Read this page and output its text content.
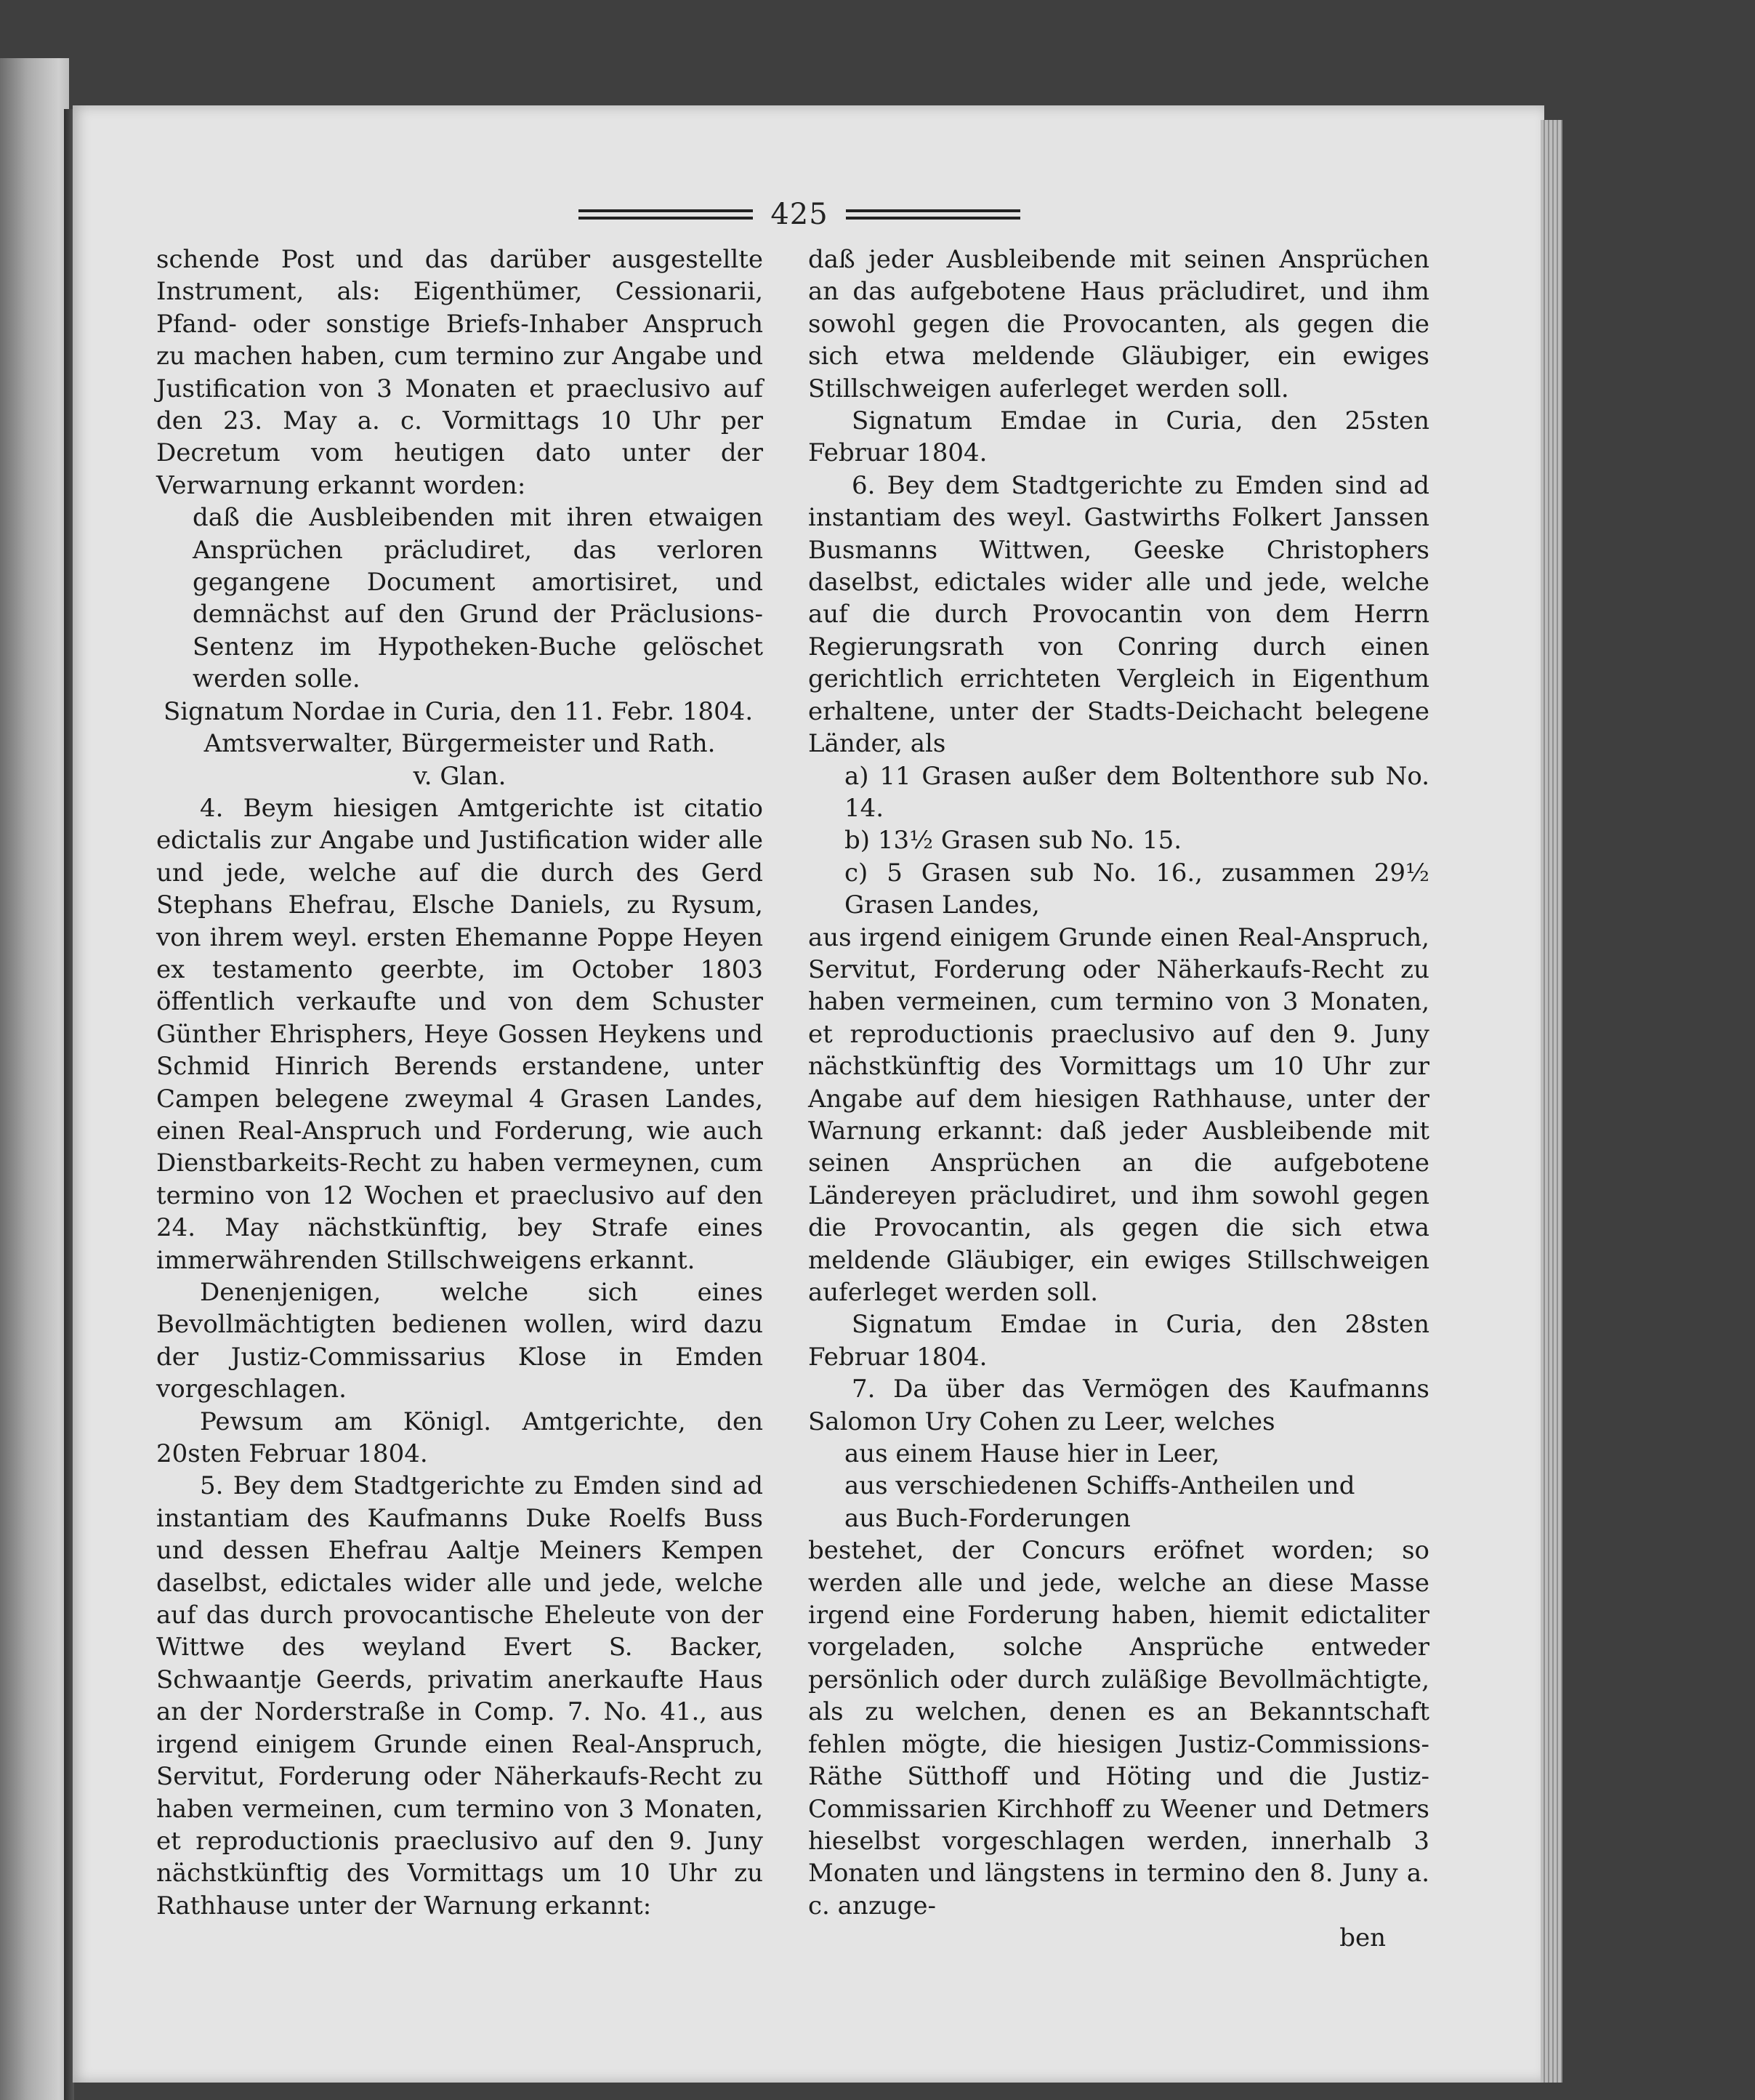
425

schende Post und das darüber ausgestellte Instrument, als: Eigenthümer, Cessionarii, Pfand- oder sonstige Briefs-Inhaber Anspruch zu machen haben, cum termino zur Angabe und Justification von 3 Monaten et praeclusivo auf den 23. May a. c. Vormittags 10 Uhr per Decretum vom heutigen dato unter der Verwarnung erkannt worden:

daß die Ausbleibenden mit ihren etwaigen Ansprüchen präcludiret, das verloren gegangene Document amortisiret, und demnächst auf den Grund der Präclusions-Sentenz im Hypotheken-Buche gelöschet werden solle.

Signatum Nordae in Curia, den 11. Febr. 1804.

Amtsverwalter, Bürgermeister und Rath.

v. Glan.

4. Beym hiesigen Amtgerichte ist citatio edictalis zur Angabe und Justification wider alle und jede, welche auf die durch des Gerd Stephans Ehefrau, Elsche Daniels, zu Rysum, von ihrem weyl. ersten Ehemanne Poppe Heyen ex testamento geerbte, im October 1803 öffentlich verkaufte und von dem Schuster Günther Ehrisphers, Heye Gossen Heykens und Schmid Hinrich Berends erstandene, unter Campen belegene zweymal 4 Grasen Landes, einen Real-Anspruch und Forderung, wie auch Dienstbarkeits-Recht zu haben vermeynen, cum termino von 12 Wochen et praeclusivo auf den 24. May nächstkünftig, bey Strafe eines immerwährenden Stillschweigens erkannt.

Denenjenigen, welche sich eines Bevollmächtigten bedienen wollen, wird dazu der Justiz-Commissarius Klose in Emden vorgeschlagen.

Pewsum am Königl. Amtgerichte, den 20sten Februar 1804.

5. Bey dem Stadtgerichte zu Emden sind ad instantiam des Kaufmanns Duke Roelfs Buss und dessen Ehefrau Aaltje Meiners Kempen daselbst, edictales wider alle und jede, welche auf das durch provocantische Eheleute von der Wittwe des weyland Evert S. Backer, Schwaantje Geerds, privatim anerkaufte Haus an der Norderstraße in Comp. 7. No. 41., aus irgend einigem Grunde einen Real-Anspruch, Servitut, Forderung oder Näherkaufs-Recht zu haben vermeinen, cum termino von 3 Monaten, et reproductionis praeclusivo auf den 9. Juny nächstkünftig des Vormittags um 10 Uhr zu Rathhause unter der Warnung erkannt:

daß jeder Ausbleibende mit seinen Ansprüchen an das aufgebotene Haus präcludiret, und ihm sowohl gegen die Provocanten, als gegen die sich etwa meldende Gläubiger, ein ewiges Stillschweigen auferleget werden soll.

Signatum Emdae in Curia, den 25sten Februar 1804.

6. Bey dem Stadtgerichte zu Emden sind ad instantiam des weyl. Gastwirths Folkert Janssen Busmanns Wittwen, Geeske Christophers daselbst, edictales wider alle und jede, welche auf die durch Provocantin von dem Herrn Regierungsrath von Conring durch einen gerichtlich errichteten Vergleich in Eigenthum erhaltene, unter der Stadts-Deichacht belegene Länder, als

a) 11 Grasen außer dem Boltenthore sub No. 14.

b) 13½ Grasen sub No. 15.

c) 5 Grasen sub No. 16., zusammen 29½ Grasen Landes,

aus irgend einigem Grunde einen Real-Anspruch, Servitut, Forderung oder Näherkaufs-Recht zu haben vermeinen, cum termino von 3 Monaten, et reproductionis praeclusivo auf den 9. Juny nächstkünftig des Vormittags um 10 Uhr zur Angabe auf dem hiesigen Rathhause, unter der Warnung erkannt: daß jeder Ausbleibende mit seinen Ansprüchen an die aufgebotene Ländereyen präcludiret, und ihm sowohl gegen die Provocantin, als gegen die sich etwa meldende Gläubiger, ein ewiges Stillschweigen auferleget werden soll.

Signatum Emdae in Curia, den 28sten Februar 1804.

7. Da über das Vermögen des Kaufmanns Salomon Ury Cohen zu Leer, welches

aus einem Hause hier in Leer,

aus verschiedenen Schiffs-Antheilen und

aus Buch-Forderungen

bestehet, der Concurs eröfnet worden; so werden alle und jede, welche an diese Masse irgend eine Forderung haben, hiemit edictaliter vorgeladen, solche Ansprüche entweder persönlich oder durch zuläßige Bevollmächtigte, als zu welchen, denen es an Bekanntschaft fehlen mögte, die hiesigen Justiz-Commissions-Räthe Sütthoff und Höting und die Justiz-Commissarien Kirchhoff zu Weener und Detmers hieselbst vorgeschlagen werden, innerhalb 3 Monaten und längstens in termino den 8. Juny a. c. anzuge-

ben
